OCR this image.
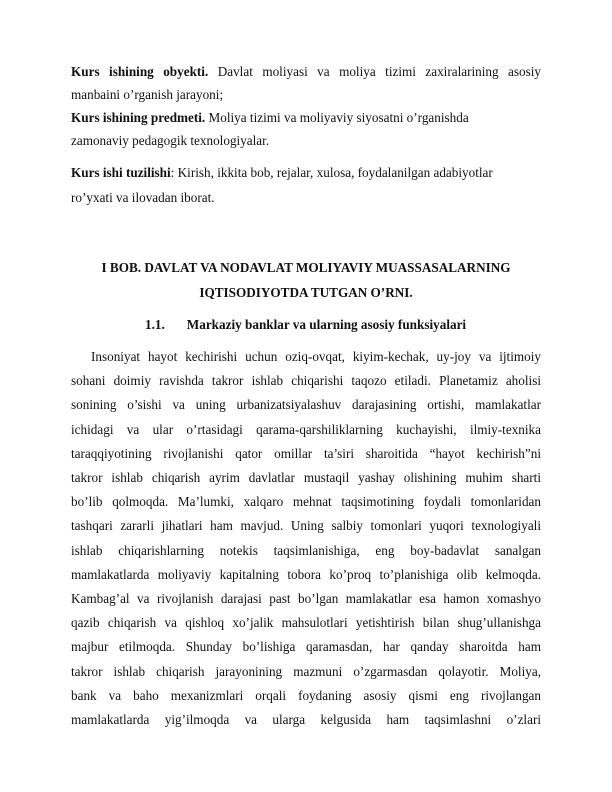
Kurs ishining obyekti. Davlat moliyasi va moliya tizimi zaxiralarining asosiy
manbaini o’rganish jarayoni;
Kurs ishining predmeti. Moliya tizimi va moliyaviy siyosatni o’rganishda
zamonaviy pedagogik texnologiyalar.
Kurs ishi tuzilishi: Kirish, ikkita bob, rejalar, xulosa, foydalanilgan adabiyotlar
ro’yxati va ilovadan iborat.
I BOB. DAVLAT VA NODAVLAT MOLIYAVIY MUASSASALARNING
IQTISODIYOTDA TUTGAN O’RNI.
1.1. Markaziy banklar va ularning asosiy funksiyalari
Insoniyat hayot kechirishi uchun oziq-ovqat, kiyim-kechak, uy-joy va ijtimoiy
sohani doimiy ravishda takror ishlab chiqarishi taqozo etiladi. Planetamiz aholisi
sonining o’sishi va uning urbanizatsiyalashuv darajasining ortishi, mamlakatlar
ichidagi va ular o’rtasidagi qarama-qarshiliklarning kuchayishi, ilmiy-texnika
taraqqiyotining rivojlanishi qator omillar ta’siri sharoitida “hayot kechirish”ni
takror ishlab chiqarish ayrim davlatlar mustaqil yashay olishining muhim sharti
bo’lib qolmoqda. Ma’lumki, xalqaro mehnat taqsimotining foydali tomonlaridan
tashqari zararli jihatlari ham mavjud. Uning salbiy tomonlari yuqori texnologiyali
ishlab chiqarishlarning notekis taqsimlanishiga, eng boy-badavlat sanalgan
mamlakatlarda moliyaviy kapitalning tobora ko’proq to’planishiga olib kelmoqda.
Kambag’al va rivojlanish darajasi past bo’lgan mamlakatlar esa hamon xomashyo
qazib chiqarish va qishloq xo’jalik mahsulotlari yetishtirish bilan shug’ullanishga
majbur etilmoqda. Shunday bo’lishiga qaramasdan, har qanday sharoitda ham
takror ishlab chiqarish jarayonining mazmuni o’zgarmasdan qolayotir. Moliya,
bank va baho mexanizmlari orqali foydaning asosiy qismi eng rivojlangan
mamlakatlarda yig’ilmoqda va ularga kelgusida ham taqsimlashni o’zlari
